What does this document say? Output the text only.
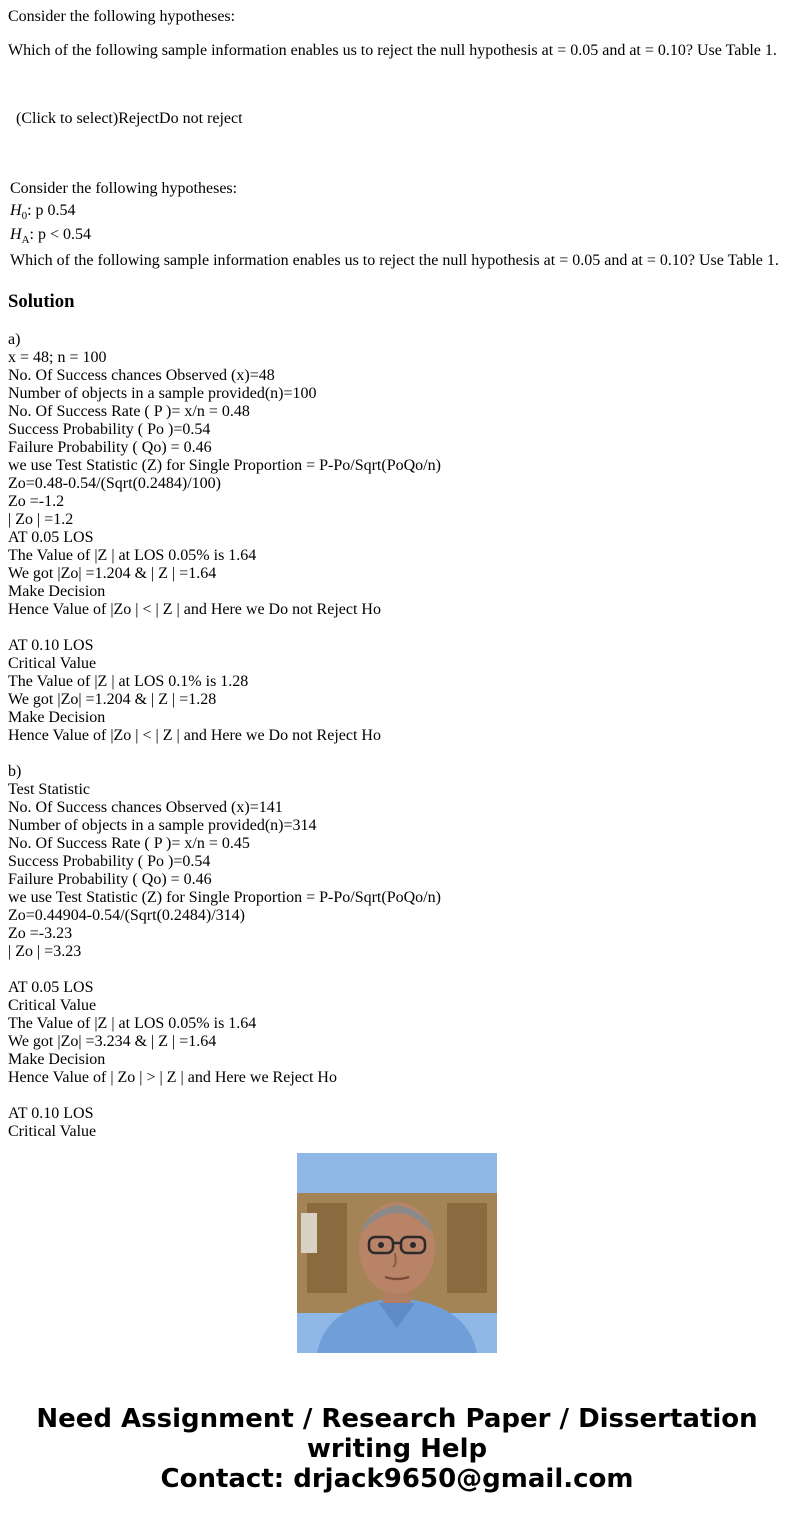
Consider the following hypotheses:
Which of the following sample information enables us to reject the null hypothesis at = 0.05 and at = 0.10? Use Table 1.
(Click to select)RejectDo not reject
Consider the following hypotheses:
$H_0$: p 0.54
$H_A$: p < 0.54
Which of the following sample information enables us to reject the null hypothesis at = 0.05 and at = 0.10? Use Table 1.
Solution
a)
x = 48; n = 100
No. Of Success chances Observed (x)=48
Number of objects in a sample provided(n)=100
No. Of Success Rate ( P )= x/n = 0.48
Success Probability ( Po )=0.54
Failure Probability ( Qo) = 0.46
we use Test Statistic (Z) for Single Proportion = P-Po/Sqrt(PoQo/n)
Zo=0.48-0.54/(Sqrt(0.2484)/100)
Zo =-1.2
| Zo | =1.2
AT 0.05 LOS
The Value of |Z | at LOS 0.05% is 1.64
We got |Zo| =1.204 & | Z | =1.64
Make Decision
Hence Value of |Zo | < | Z | and Here we Do not Reject Ho
AT 0.10 LOS
Critical Value
The Value of |Z | at LOS 0.1% is 1.28
We got |Zo| =1.204 & | Z | =1.28
Make Decision
Hence Value of |Zo | < | Z | and Here we Do not Reject Ho
b)
Test Statistic
No. Of Success chances Observed (x)=141
Number of objects in a sample provided(n)=314
No. Of Success Rate ( P )= x/n = 0.45
Success Probability ( Po )=0.54
Failure Probability ( Qo) = 0.46
we use Test Statistic (Z) for Single Proportion = P-Po/Sqrt(PoQo/n)
Zo=0.44904-0.54/(Sqrt(0.2484)/314)
Zo =-3.23
| Zo | =3.23
AT 0.05 LOS
Critical Value
The Value of |Z | at LOS 0.05% is 1.64
We got |Zo| =3.234 & | Z | =1.64
Make Decision
Hence Value of | Zo | > | Z | and Here we Reject Ho
AT 0.10 LOS
Critical Value
Need Assignment / Research Paper / Dissertation
writing Help
Contact: drjack9650@gmail.com
